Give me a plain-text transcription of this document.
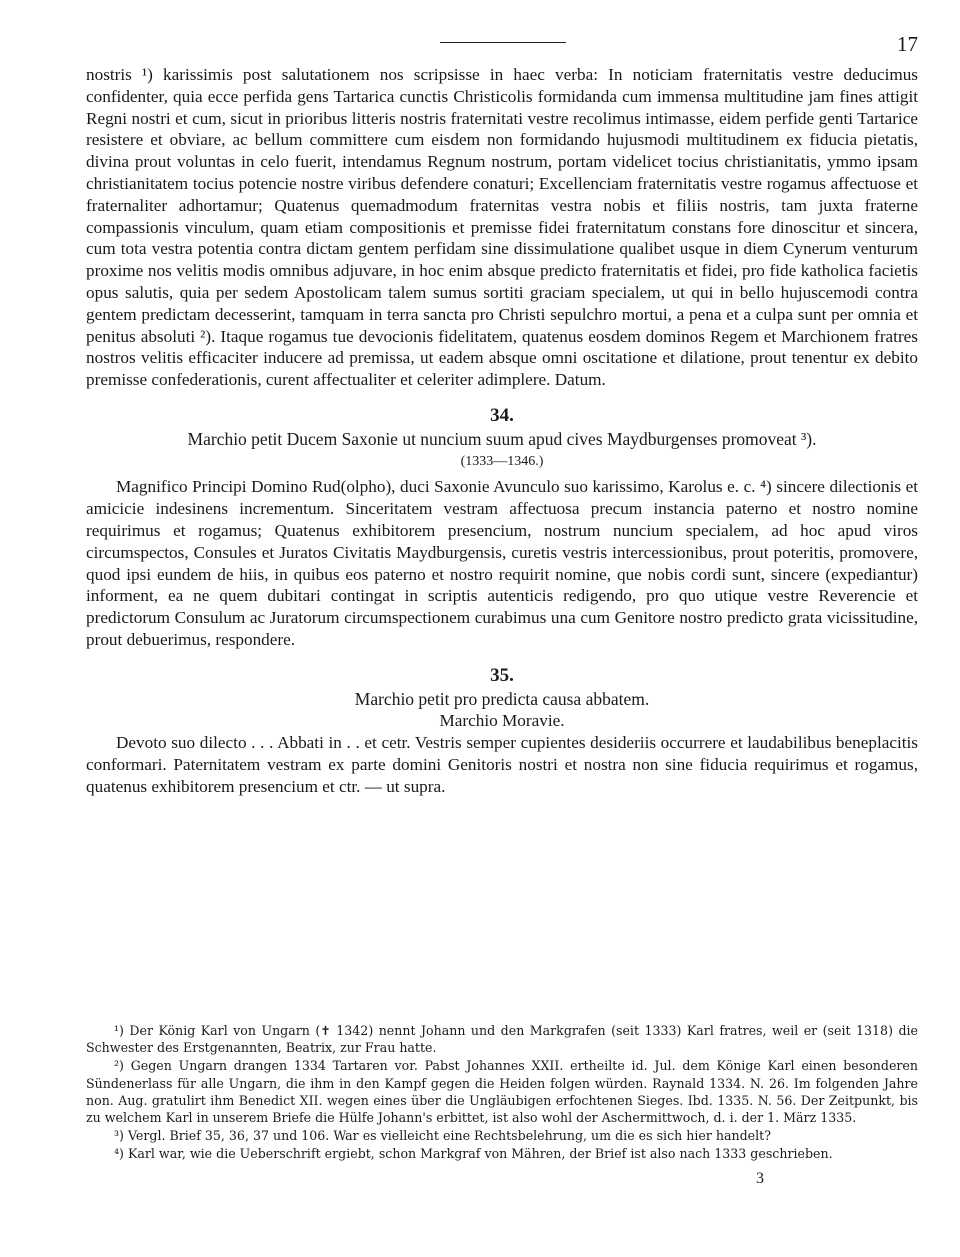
17

nostris ¹) karissimis post salutationem nos scripsisse in haec verba: In noticiam fraternitatis vestre deducimus confidenter, quia ecce perfida gens Tartarica cunctis Christicolis formidanda cum immensa multitudine jam fines attigit Regni nostri et cum, sicut in prioribus litteris nostris fraternitati vestre recolimus intimasse, eidem perfide genti Tartarice resistere et obviare, ac bellum committere cum eisdem non formidando hujusmodi multitudinem ex fiducia pietatis, divina prout voluntas in celo fuerit, intendamus Regnum nostrum, portam videlicet tocius christianitatis, ymmo ipsam christianitatem tocius potencie nostre viribus defendere conaturi; Excellenciam fraternitatis vestre rogamus affectuose et fraternaliter adhortamur; Quatenus quemadmodum fraternitas vestra nobis et filiis nostris, tam juxta fraterne compassionis vinculum, quam etiam compositionis et premisse fidei fraternitatum constans fore dinoscitur et sincera, cum tota vestra potentia contra dictam gentem perfidam sine dissimulatione qualibet usque in diem Cynerum venturum proxime nos velitis modis omnibus adjuvare, in hoc enim absque predicto fraternitatis et fidei, pro fide katholica facietis opus salutis, quia per sedem Apostolicam talem sumus sortiti graciam specialem, ut qui in bello hujuscemodi contra gentem predictam decesserint, tamquam in terra sancta pro Christi sepulchro mortui, a pena et a culpa sunt per omnia et penitus absoluti ²). Itaque rogamus tue devocionis fidelitatem, quatenus eosdem dominos Regem et Marchionem fratres nostros velitis efficaciter inducere ad premissa, ut eadem absque omni oscitatione et dilatione, prout tenentur ex debito premisse confederationis, curent affectualiter et celeriter adimplere. Datum.

34.

Marchio petit Ducem Saxonie ut nuncium suum apud cives Maydburgenses promoveat ³).

(1333—1346.)

Magnifico Principi Domino Rud(olpho), duci Saxonie Avunculo suo karissimo, Karolus e. c. ⁴) sincere dilectionis et amicicie indesinens incrementum. Sinceritatem vestram affectuosa precum instancia paterno et nostro nomine requirimus et rogamus; Quatenus exhibitorem presencium, nostrum nuncium specialem, ad hoc apud viros circumspectos, Consules et Juratos Civitatis Maydburgensis, curetis vestris intercessionibus, prout poteritis, promovere, quod ipsi eundem de hiis, in quibus eos paterno et nostro requirit nomine, que nobis cordi sunt, sincere (expediantur) informent, ea ne quem dubitari contingat in scriptis autenticis redigendo, pro quo utique vestre Reverencie et predictorum Consulum ac Juratorum circumspectionem curabimus una cum Genitore nostro predicto grata vicissitudine, prout debuerimus, respondere.

35.

Marchio petit pro predicta causa abbatem.

Marchio Moravie.

Devoto suo dilecto . . . Abbati in . . et cetr. Vestris semper cupientes desideriis occurrere et laudabilibus beneplacitis conformari. Paternitatem vestram ex parte domini Genitoris nostri et nostra non sine fiducia requirimus et rogamus, quatenus exhibitorem presencium et ctr. — ut supra.

¹) Der König Karl von Ungarn (✝ 1342) nennt Johann und den Markgrafen (seit 1333) Karl fratres, weil er (seit 1318) die Schwester des Erstgenannten, Beatrix, zur Frau hatte.

²) Gegen Ungarn drangen 1334 Tartaren vor. Pabst Johannes XXII. ertheilte id. Jul. dem Könige Karl einen besonderen Sündenerlass für alle Ungarn, die ihm in den Kampf gegen die Heiden folgen würden. Raynald 1334. N. 26. Im folgenden Jahre non. Aug. gratulirt ihm Benedict XII. wegen eines über die Ungläubigen erfochtenen Sieges. Ibd. 1335. N. 56. Der Zeitpunkt, bis zu welchem Karl in unserem Briefe die Hülfe Johann's erbittet, ist also wohl der Aschermittwoch, d. i. der 1. März 1335.

³) Vergl. Brief 35, 36, 37 und 106. War es vielleicht eine Rechtsbelehrung, um die es sich hier handelt?

⁴) Karl war, wie die Ueberschrift ergiebt, schon Markgraf von Mähren, der Brief ist also nach 1333 geschrieben.

3
